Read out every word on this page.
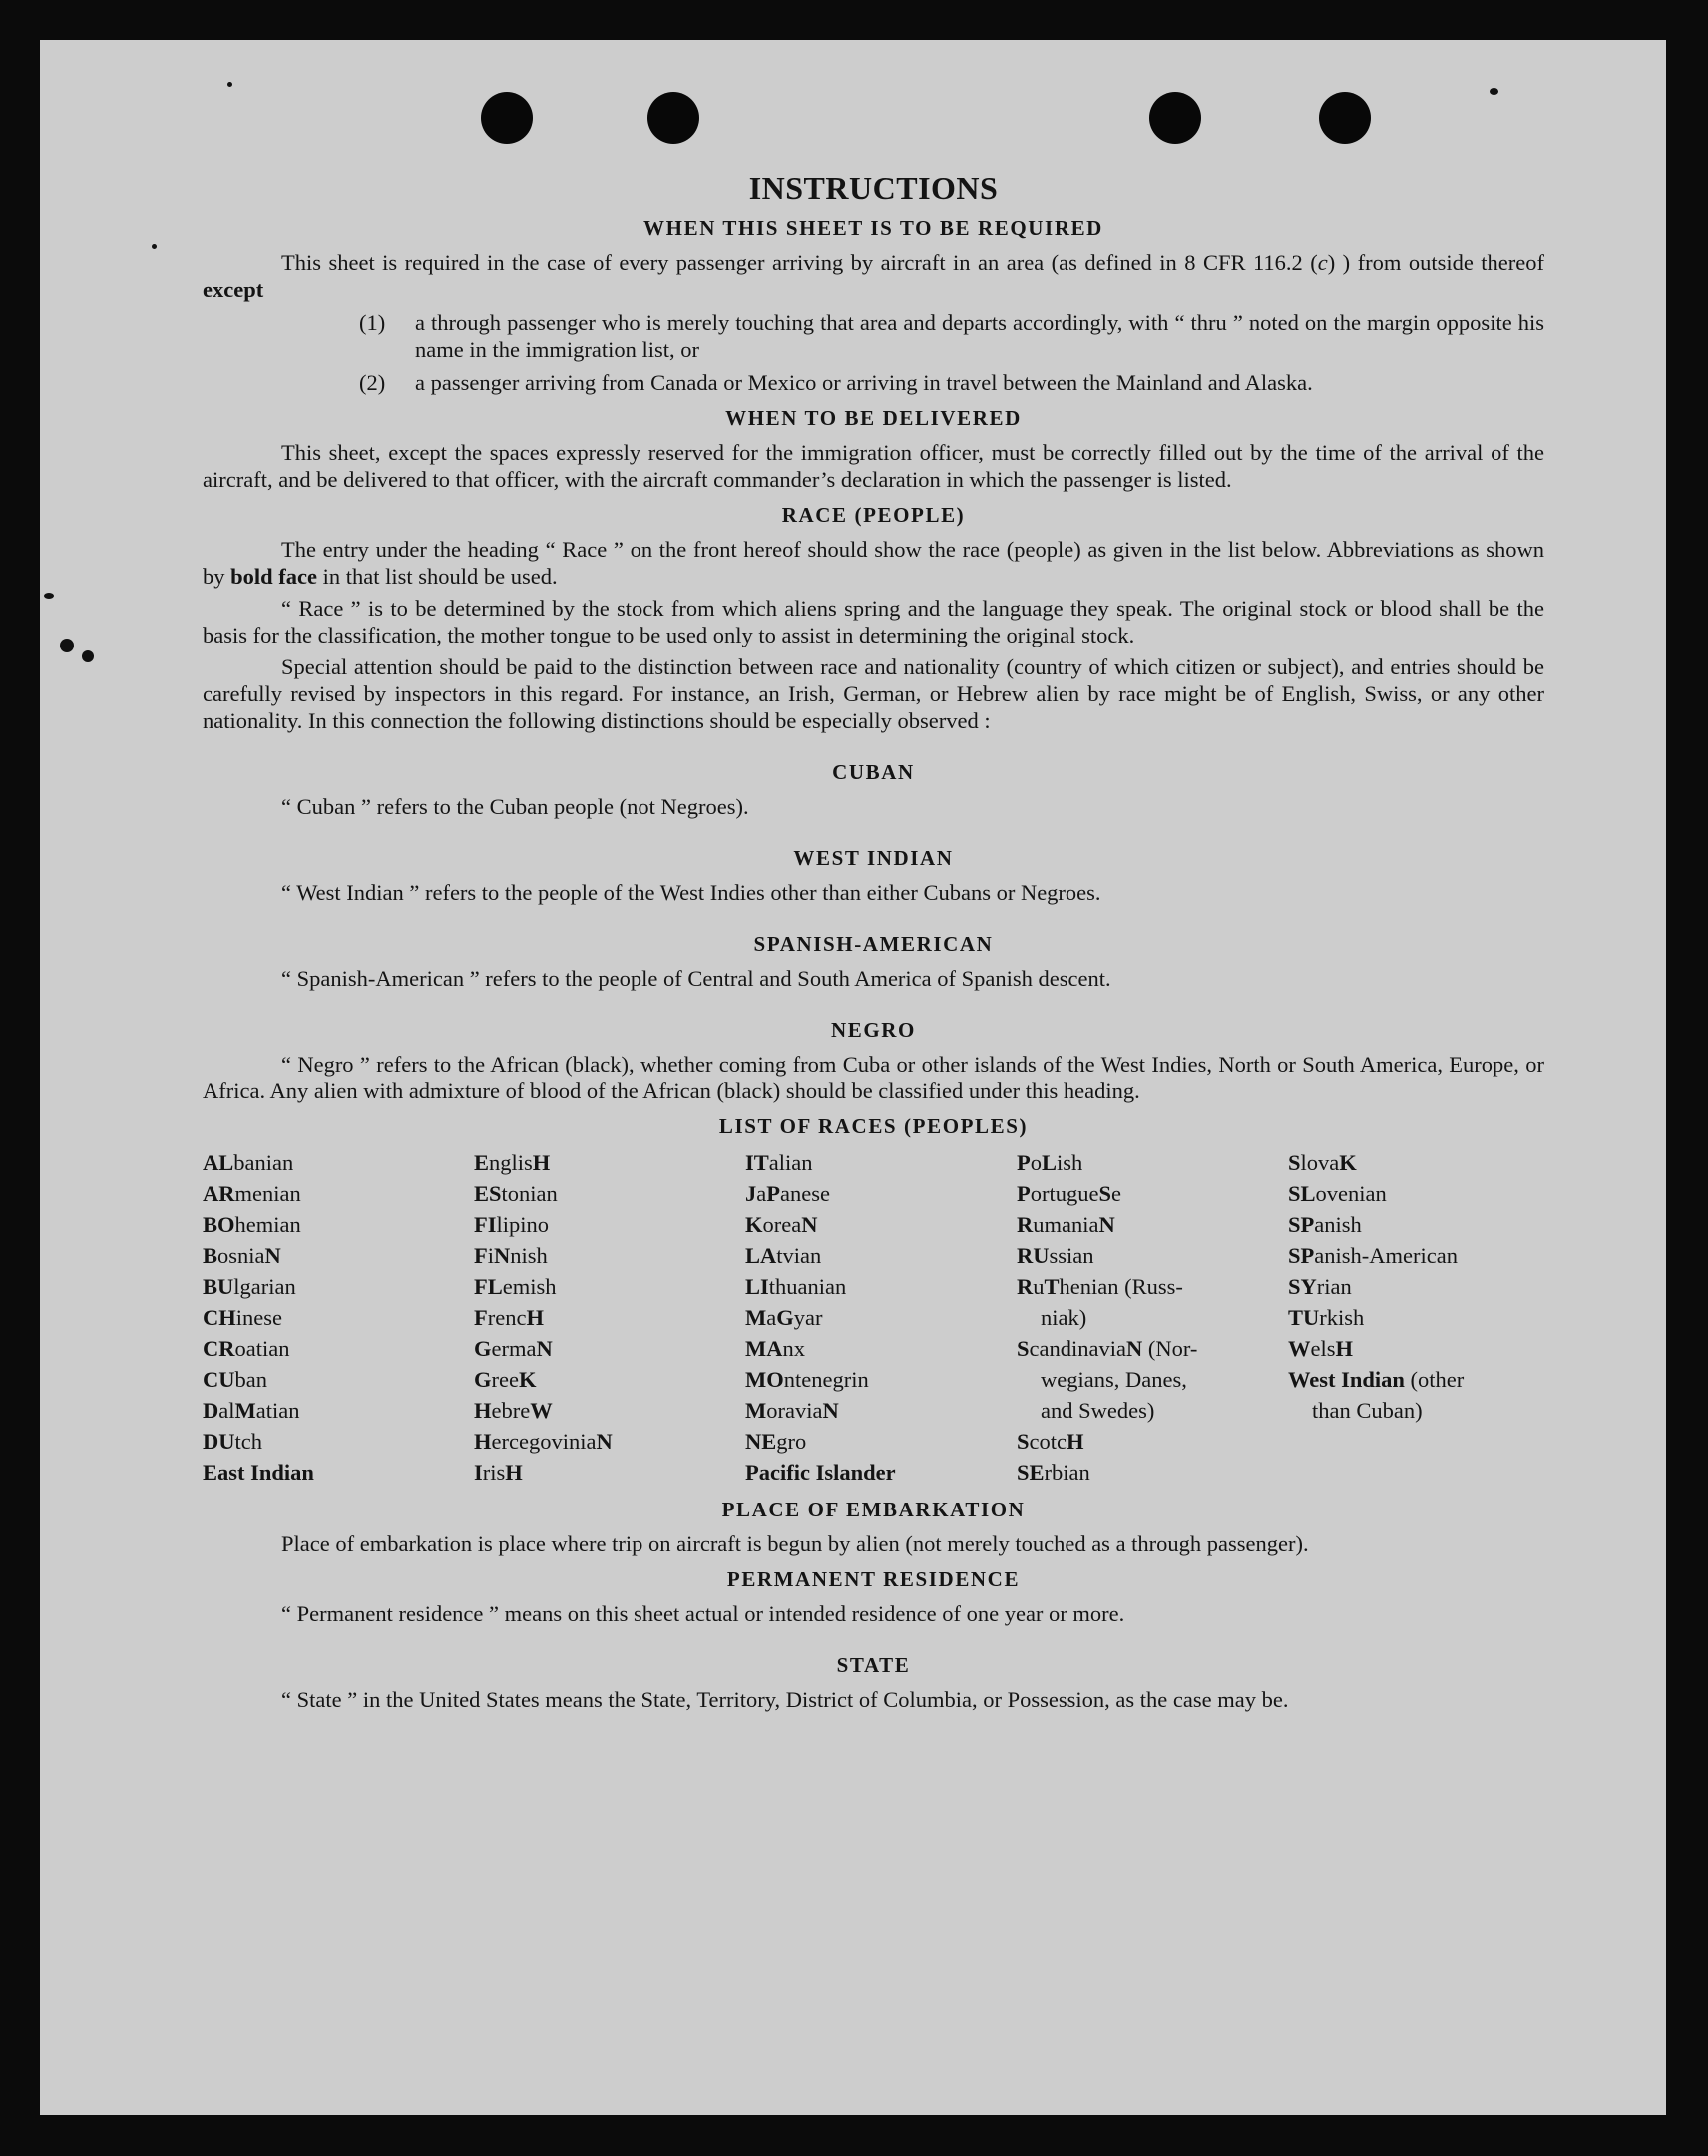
INSTRUCTIONS
WHEN THIS SHEET IS TO BE REQUIRED

This sheet is required in the case of every passenger arriving by aircraft in an area (as defined in 8 CFR 116.2 (c) ) from outside thereof except

(1)	a through passenger who is merely touching that area and departs accordingly, with “ thru ” noted on the margin opposite his name in the immigration list, or
(2)	a passenger arriving from Canada or Mexico or arriving in travel between the Mainland and Alaska.
WHEN TO BE DELIVERED

This sheet, except the spaces expressly reserved for the immigration officer, must be correctly filled out by the time of the arrival of the aircraft, and be delivered to that officer, with the aircraft commander’s declaration in which the passenger is listed.

RACE (PEOPLE)

The entry under the heading “ Race ” on the front hereof should show the race (people) as given in the list below. Abbreviations as shown by bold face in that list should be used.

“ Race ” is to be determined by the stock from which aliens spring and the language they speak. The original stock or blood shall be the basis for the classification, the mother tongue to be used only to assist in determining the original stock.

Special attention should be paid to the distinction between race and nationality (country of which citizen or subject), and entries should be carefully revised by inspectors in this regard. For instance, an Irish, German, or Hebrew alien by race might be of English, Swiss, or any other nationality. In this connection the following distinctions should be especially observed :

CUBAN

“ Cuban ” refers to the Cuban people (not Negroes).

WEST INDIAN

“ West Indian ” refers to the people of the West Indies other than either Cubans or Negroes.

SPANISH-AMERICAN

“ Spanish-American ” refers to the people of Central and South America of Spanish descent.

NEGRO

“ Negro ” refers to the African (black), whether coming from Cuba or other islands of the West Indies, North or South America, Europe, or Africa. Any alien with admixture of blood of the African (black) should be classified under this heading.

LIST OF RACES (PEOPLES)
ALbanian
ARmenian
BOhemian
BosniaN
BUlgarian
CHinese
CRoatian
CUban
DalMatian
DUtch
East Indian
EnglisH
EStonian
FIlipino
FiNnish
FLemish
FrencH
GermaN
GreeK
HebreW
HercegoviniaN
IrisH
ITalian
JaPanese
KoreaN
LAtvian
LIthuanian
MaGyar
MAnx
MOntenegrin
MoraviaN
NEgro
Pacific Islander
PoLish
PortugueSe
RumaniaN
RUssian
RuThenian (Russ-
niak)
ScandinaviaN (Nor-
wegians, Danes,
and Swedes)
ScotcH
SErbian
SlovaK
SLovenian
SPanish
SPanish-American
SYrian
TUrkish
WelsH
West Indian (other
than Cuban)
PLACE OF EMBARKATION

Place of embarkation is place where trip on aircraft is begun by alien (not merely touched as a through passenger).

PERMANENT RESIDENCE

“ Permanent residence ” means on this sheet actual or intended residence of one year or more.

STATE

“ State ” in the United States means the State, Territory, District of Columbia, or Possession, as the case may be.
